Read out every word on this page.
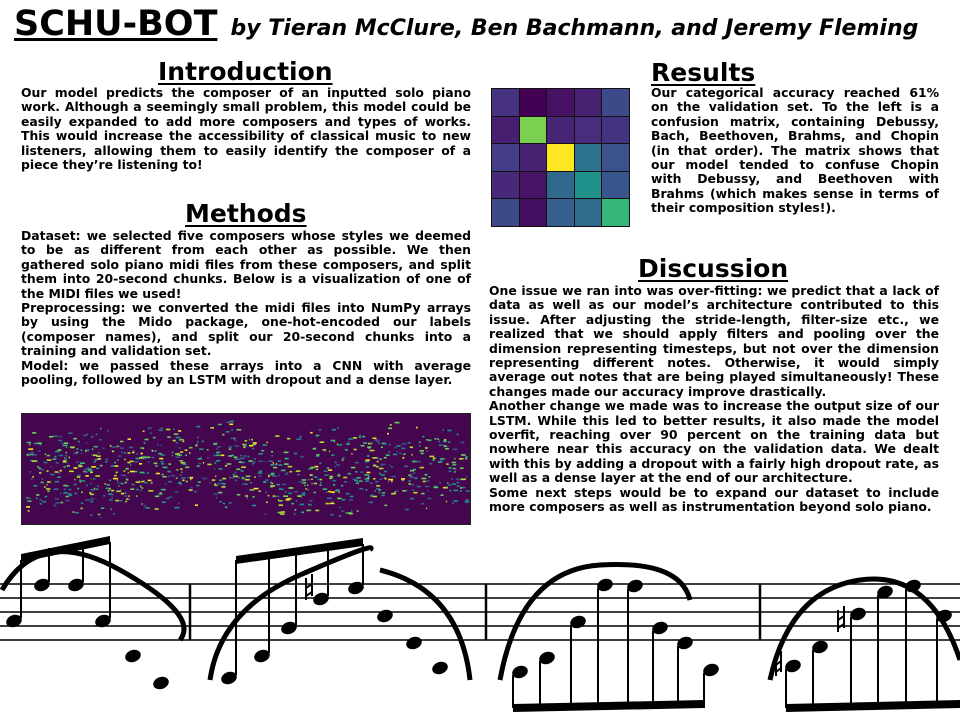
SCHU-BOT by Tieran McClure, Ben Bachmann, and Jeremy Fleming
Introduction

Our model predicts the composer of an inputted solo piano work. Although a seemingly small problem, this model could be easily expanded to add more composers and types of works. This would increase the accessibility of classical music to new listeners, allowing them to easily identify the composer of a piece they’re listening to!

Methods
Dataset: we selected five composers whose styles we deemed to be as different from each other as possible. We then gathered solo piano midi files from these composers, and split them into 20-second chunks. Below is a visualization of one of the MIDI files we used!
Preprocessing: we converted the midi files into NumPy arrays by using the Mido package, one-hot-encoded our labels (composer names), and split our 20-second chunks into a training and validation set.
Model: we passed these arrays into a CNN with average pooling, followed by an LSTM with dropout and a dense layer.
Results

Our categorical accuracy reached 61% on the validation set. To the left is a confusion matrix, containing Debussy, Bach, Beethoven, Brahms, and Chopin (in that order). The matrix shows that our model tended to confuse Chopin with Debussy, and Beethoven with Brahms (which makes sense in terms of their composition styles!).

Discussion
One issue we ran into was over-fitting: we predict that a lack of data as well as our model’s architecture contributed to this issue. After adjusting the stride-length, filter-size etc., we realized that we should apply filters and pooling over the dimension representing timesteps, but not over the dimension representing different notes. Otherwise, it would simply average out notes that are being played simultaneously! These changes made our accuracy improve drastically.
Another change we made was to increase the output size of our LSTM. While this led to better results, it also made the model overfit, reaching over 90 percent on the training data but nowhere near this accuracy on the validation data. We dealt with this by adding a dropout with a fairly high dropout rate, as well as a dense layer at the end of our architecture.
Some next steps would be to expand our dataset to include more composers as well as instrumentation beyond solo piano.
